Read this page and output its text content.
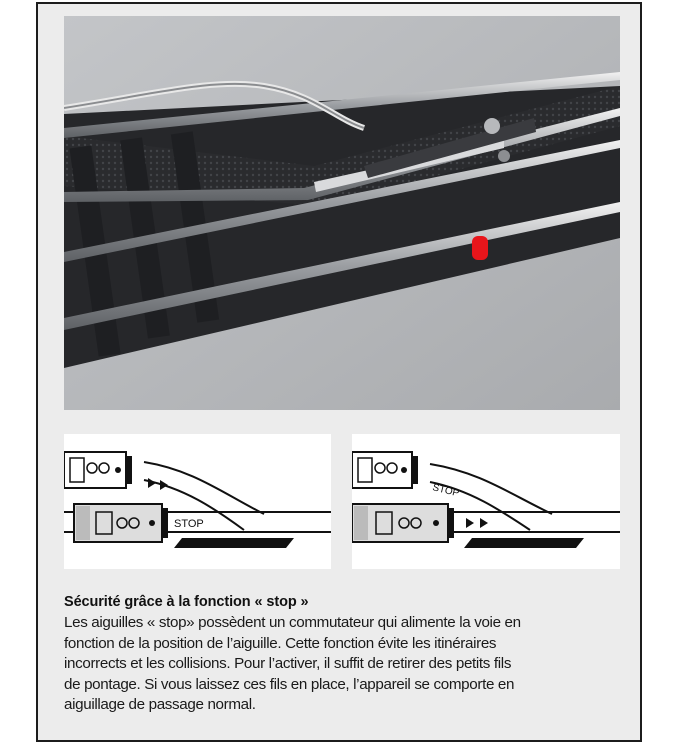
STOP
STOP

Sécurité grâce à la fonction « stop »

Les aiguilles « stop» possèdent un commutateur qui alimente la voie en
fonction de la position de l’aiguille. Cette fonction évite les itinéraires
incorrects et les collisions. Pour l’activer, il suffit de retirer des petits fils
de pontage. Si vous laissez ces fils en place, l’appareil se comporte en
aiguillage de passage normal.
